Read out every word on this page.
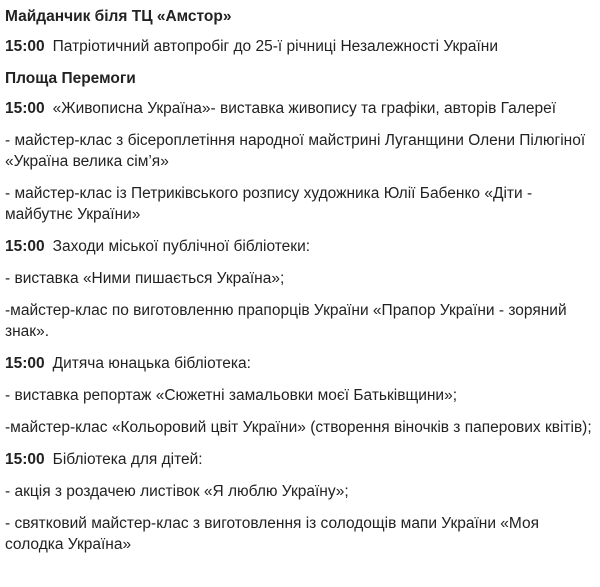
Майданчик біля ТЦ «Амстор»
15:00 Патріотичний автопробіг до 25-ї річниці Незалежності України
Площа Перемоги
15:00 «Живописна Україна»- виставка живопису та графіки, авторів Галереї
- майстер-клас з бісероплетіння народної майстрині Луганщини Олени Пілюгіної «Україна велика сім’я»
- майстер-клас із Петриківського розпису художника Юлії Бабенко «Діти - майбутнє України»
15:00 Заходи міської публічної бібліотеки:
- виставка «Ними пишається Україна»;
-майстер-клас по виготовленню прапорців України «Прапор України - зоряний знак».
15:00 Дитяча юнацька бібліотека:
- виставка репортаж «Сюжетні замальовки моєї Батьківщини»;
-майстер-клас «Кольоровий цвіт України» (створення віночків з паперових квітів);
15:00 Бібліотека для дітей:
- акція з роздачею листівок «Я люблю Україну»;
- святковий майстер-клас з виготовлення із солодощів мапи України «Моя солодка Україна»
